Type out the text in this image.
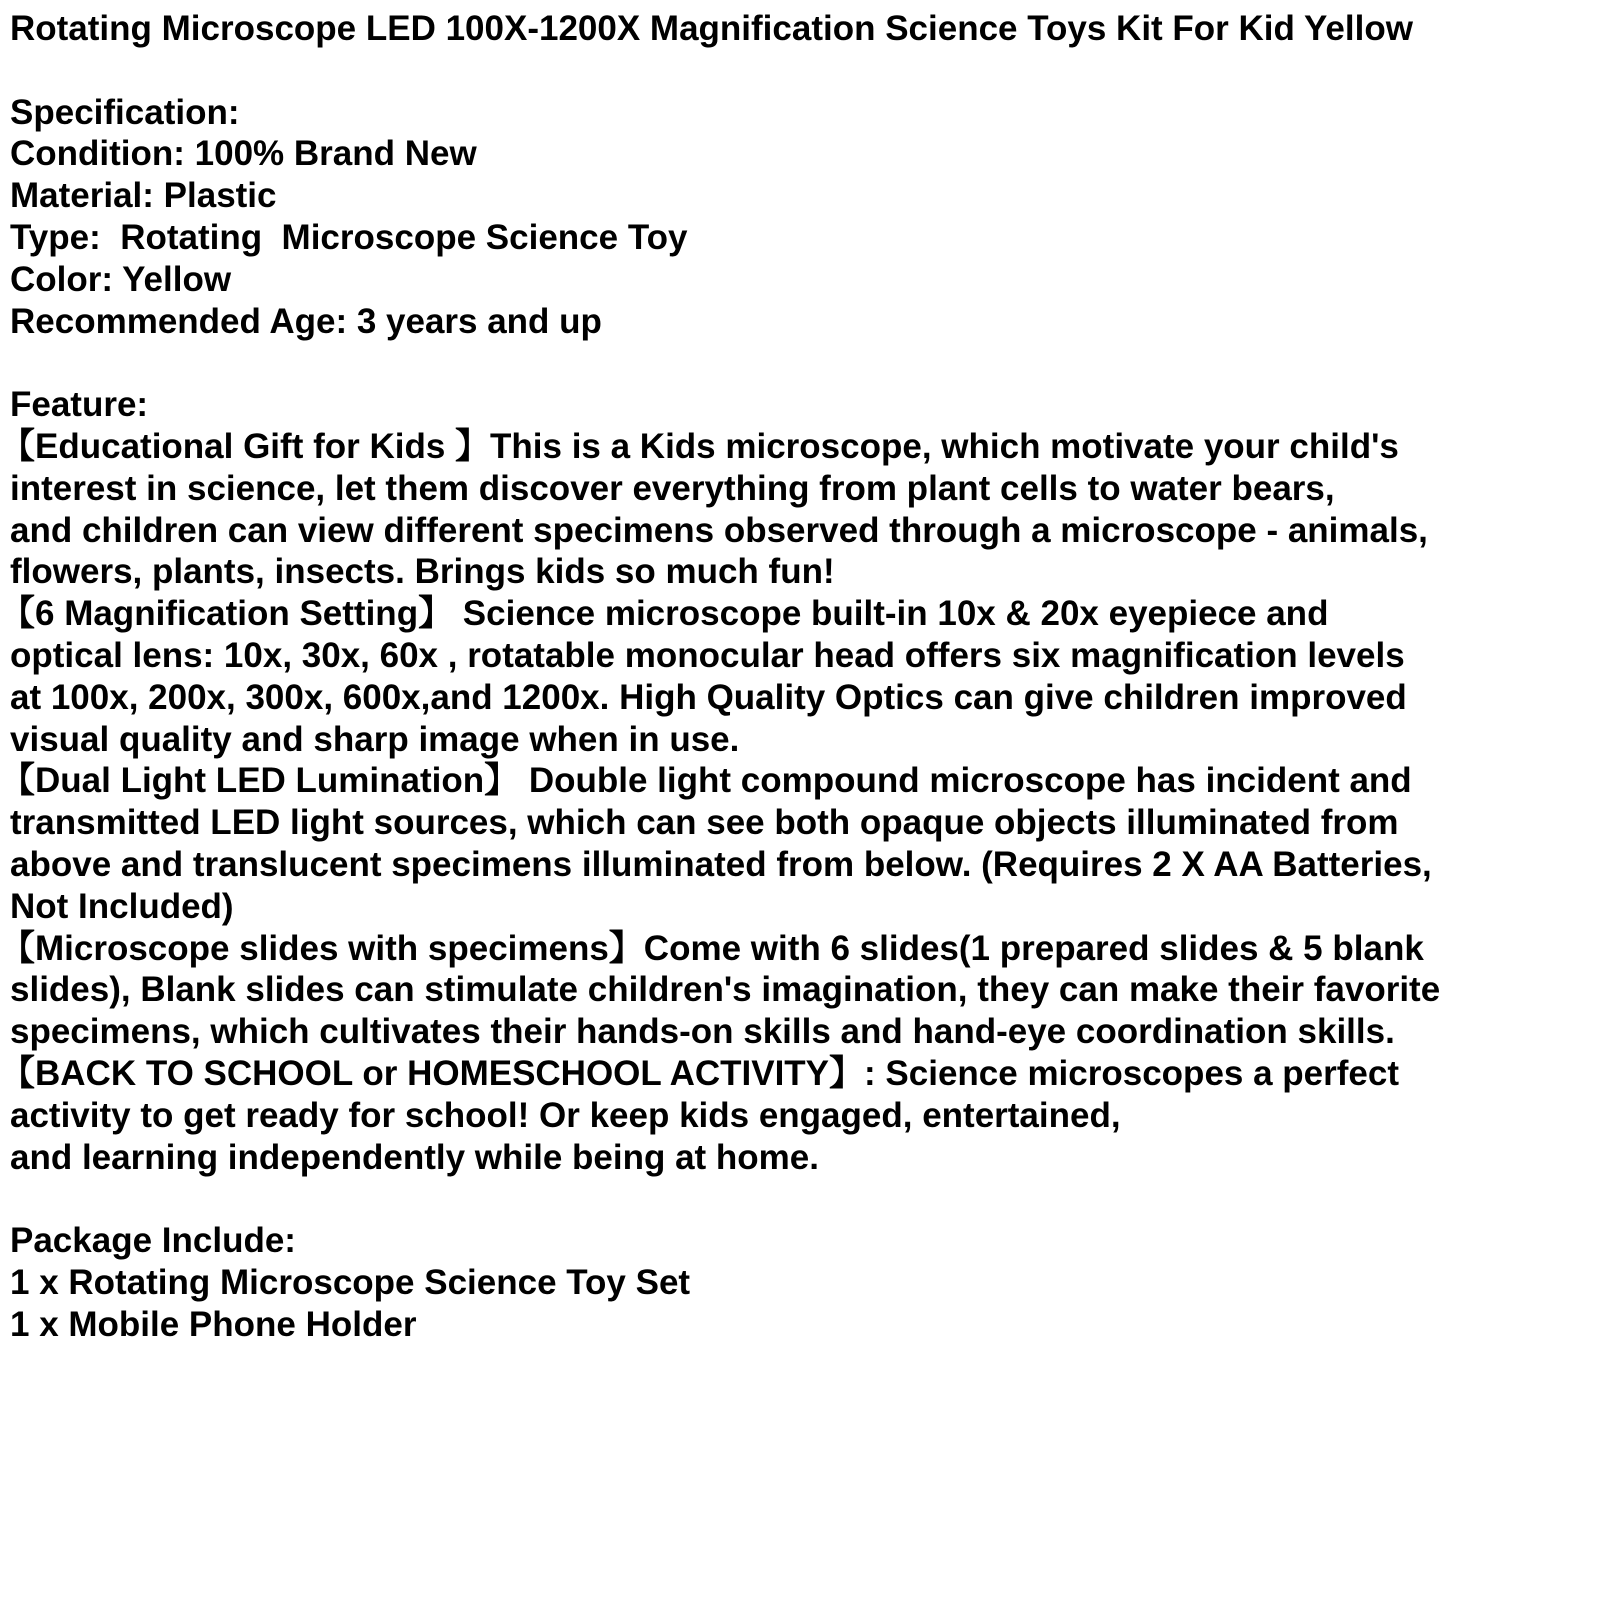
Rotating Microscope LED 100X-1200X Magnification Science Toys Kit For Kid Yellow
Specification:
Condition: 100% Brand New
Material: Plastic
Type:  Rotating  Microscope Science Toy
Color: Yellow
Recommended Age: 3 years and up
Feature:
【Educational Gift for Kids 】This is a Kids microscope, which motivate your child's
interest in science, let them discover everything from plant cells to water bears,
and children can view different specimens observed through a microscope - animals,
flowers, plants, insects. Brings kids so much fun!
【6 Magnification Setting】 Science microscope built-in 10x & 20x eyepiece and
optical lens: 10x, 30x, 60x , rotatable monocular head offers six magnification levels
at 100x, 200x, 300x, 600x,and 1200x. High Quality Optics can give children improved
visual quality and sharp image when in use.
【Dual Light LED Lumination】 Double light compound microscope has incident and
transmitted LED light sources, which can see both opaque objects illuminated from
above and translucent specimens illuminated from below. (Requires 2 X AA Batteries,
Not Included)
【Microscope slides with specimens】Come with 6 slides(1 prepared slides & 5 blank
slides), Blank slides can stimulate children's imagination, they can make their favorite
specimens, which cultivates their hands-on skills and hand-eye coordination skills.
【BACK TO SCHOOL or HOMESCHOOL ACTIVITY】: Science microscopes a perfect
activity to get ready for school! Or keep kids engaged, entertained,
and learning independently while being at home.
Package Include:
1 x Rotating Microscope Science Toy Set
1 x Mobile Phone Holder
